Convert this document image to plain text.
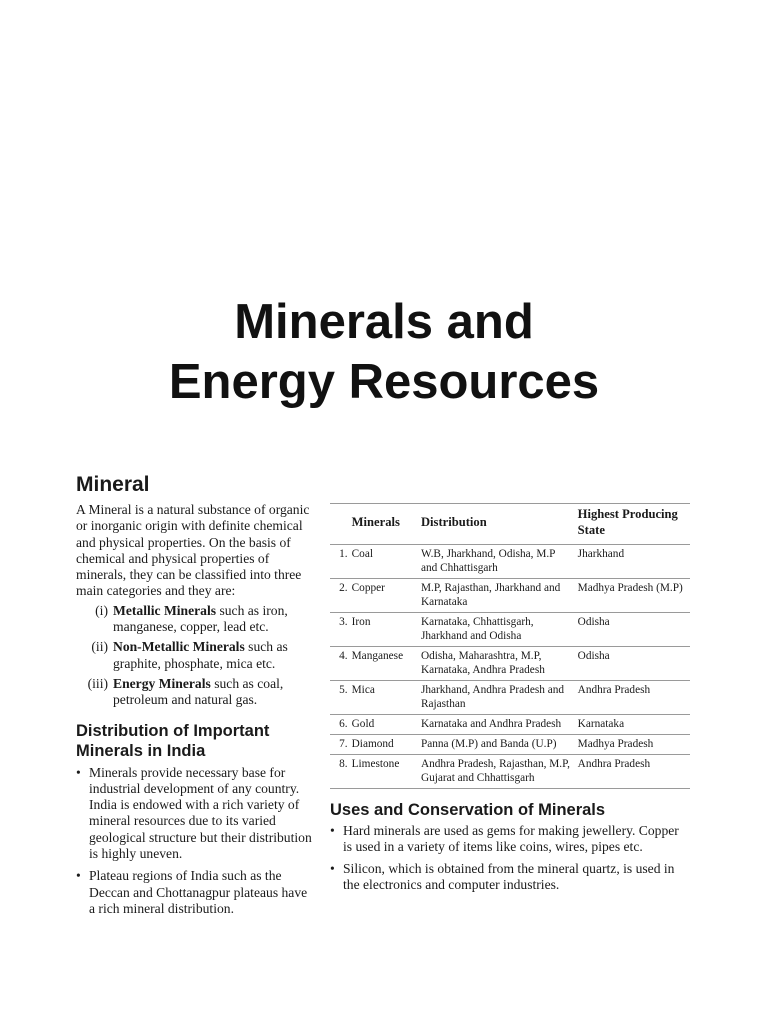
Minerals and
Energy Resources
Mineral

A Mineral is a natural substance of organic or inorganic origin with definite chemical and physical properties. On the basis of chemical and physical properties of minerals, they can be classified into three main categories and they are:

(i) Metallic Minerals such as iron, manganese, copper, lead etc.
(ii) Non-Metallic Minerals such as graphite, phosphate, mica etc.
(iii) Energy Minerals such as coal, petroleum and natural gas.
Distribution of Important Minerals in India
• Minerals provide necessary base for industrial development of any country. India is endowed with a rich variety of mineral resources due to its varied geological structure but their distribution is highly uneven.
• Plateau regions of India such as the Deccan and Chottanagpur plateaus have a rich mineral distribution.
	Minerals	Distribution	Highest Producing State
1.	Coal	W.B, Jharkhand, Odisha, M.P and Chhattisgarh	Jharkhand
2.	Copper	M.P, Rajasthan, Jharkhand and Karnataka	Madhya Pradesh (M.P)
3.	Iron	Karnataka, Chhattisgarh, Jharkhand and Odisha	Odisha
4.	Manganese	Odisha, Maharashtra, M.P, Karnataka, Andhra Pradesh	Odisha
5.	Mica	Jharkhand, Andhra Pradesh and Rajasthan	Andhra Pradesh
6.	Gold	Karnataka and Andhra Pradesh	Karnataka
7.	Diamond	Panna (M.P) and Banda (U.P)	Madhya Pradesh
8.	Limestone	Andhra Pradesh, Rajasthan, M.P, Gujarat and Chhattisgarh	Andhra Pradesh
Uses and Conservation of Minerals
• Hard minerals are used as gems for making jewellery. Copper is used in a variety of items like coins, wires, pipes etc.
• Silicon, which is obtained from the mineral quartz, is used in the electronics and computer industries.
